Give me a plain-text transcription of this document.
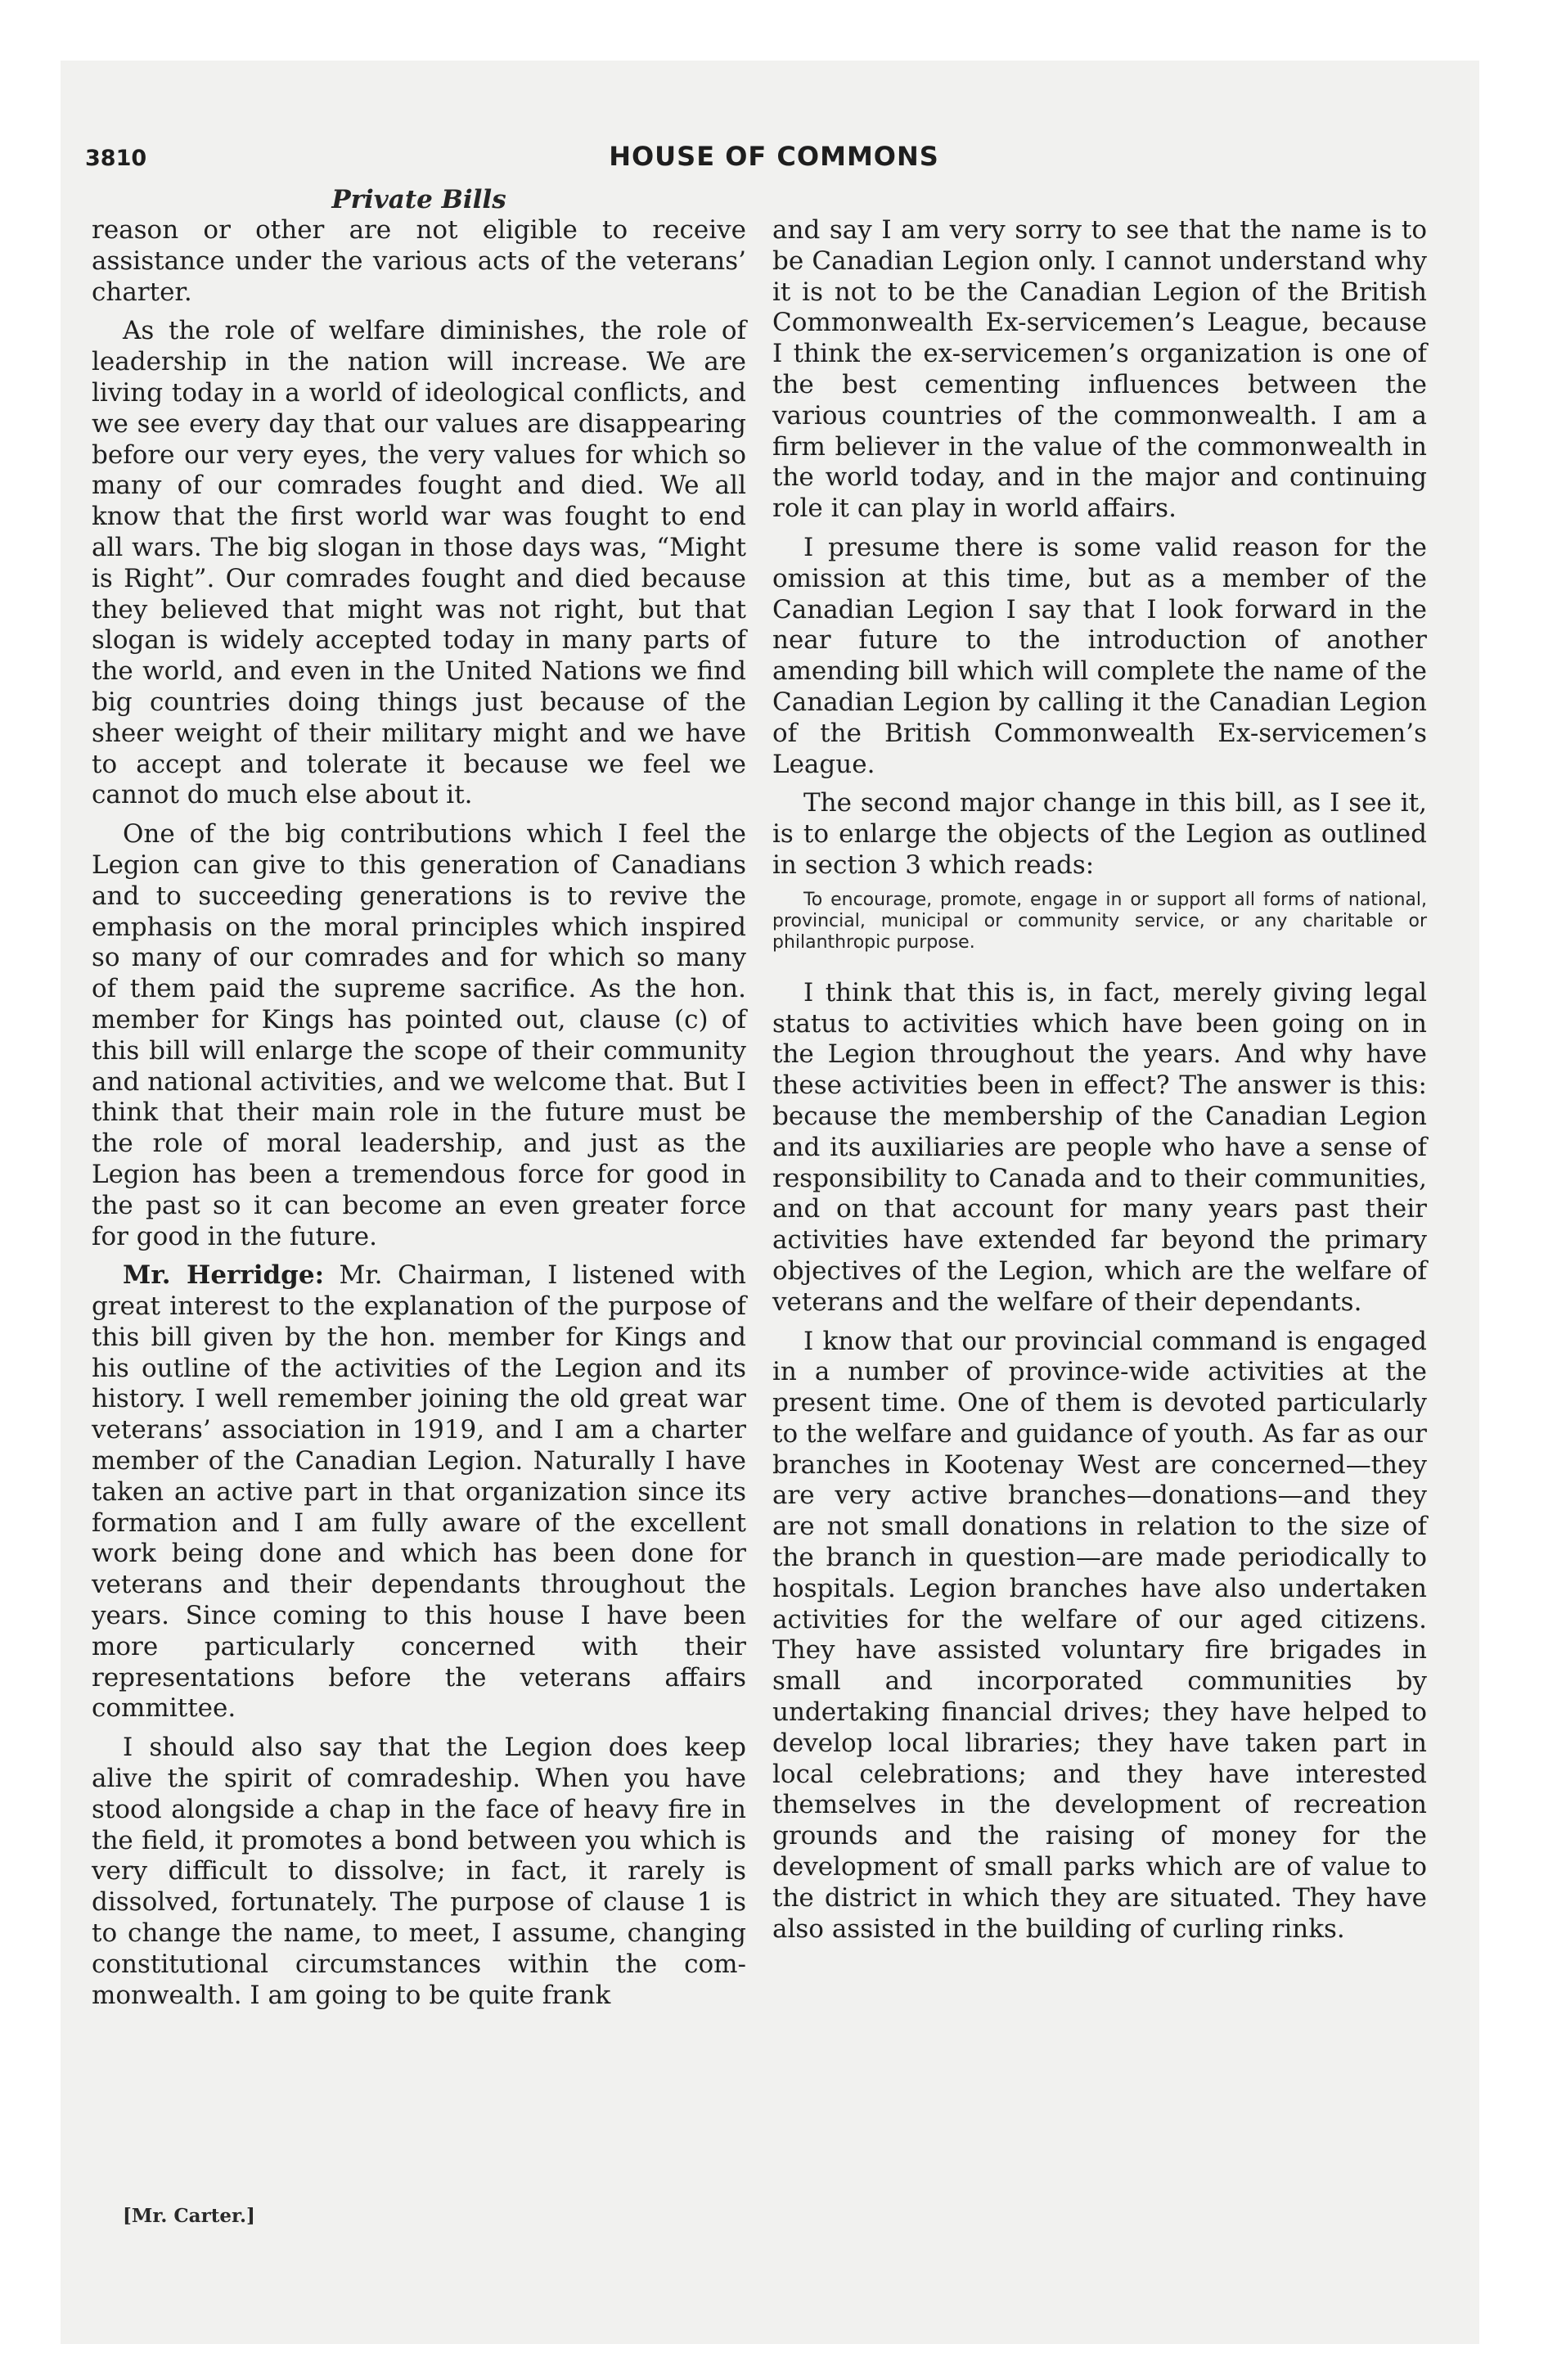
3810	HOUSE OF COMMONS
Private Bills

reason or other are not eligible to receive assistance under the various acts of the veterans’ charter.

As the role of welfare diminishes, the role of leadership in the nation will increase. We are living today in a world of ideological conflicts, and we see every day that our values are disappearing before our very eyes, the very values for which so many of our comrades fought and died. We all know that the first world war was fought to end all wars. The big slogan in those days was, “Might is Right”. Our comrades fought and died because they believed that might was not right, but that slogan is widely accepted today in many parts of the world, and even in the United Nations we find big countries doing things just because of the sheer weight of their military might and we have to accept and tolerate it because we feel we cannot do much else about it.

One of the big contributions which I feel the Legion can give to this generation of Canadians and to succeeding generations is to revive the emphasis on the moral principles which inspired so many of our comrades and for which so many of them paid the supreme sacrifice. As the hon. member for Kings has pointed out, clause (c) of this bill will enlarge the scope of their community and national activities, and we welcome that. But I think that their main role in the future must be the role of moral leadership, and just as the Legion has been a tremendous force for good in the past so it can become an even greater force for good in the future.

Mr. Herridge: Mr. Chairman, I listened with great interest to the explanation of the purpose of this bill given by the hon. member for Kings and his outline of the activities of the Legion and its history. I well remember joining the old great war veterans’ association in 1919, and I am a charter member of the Canadian Legion. Naturally I have taken an active part in that organization since its formation and I am fully aware of the excellent work being done and which has been done for veterans and their dependants throughout the years. Since coming to this house I have been more particularly concerned with their representations before the veterans affairs committee.

I should also say that the Legion does keep alive the spirit of comradeship. When you have stood alongside a chap in the face of heavy fire in the field, it promotes a bond between you which is very difficult to dissolve; in fact, it rarely is dissolved, fortunately. The purpose of clause 1 is to change the name, to meet, I assume, changing constitutional circumstances within the commonwealth. I am going to be quite frank

and say I am very sorry to see that the name is to be Canadian Legion only. I cannot understand why it is not to be the Canadian Legion of the British Commonwealth Ex-servicemen’s League, because I think the ex-servicemen’s organization is one of the best cementing influences between the various countries of the commonwealth. I am a firm believer in the value of the commonwealth in the world today, and in the major and continuing role it can play in world affairs.

I presume there is some valid reason for the omission at this time, but as a member of the Canadian Legion I say that I look forward in the near future to the introduction of another amending bill which will complete the name of the Canadian Legion by calling it the Canadian Legion of the British Commonwealth Ex-servicemen’s League.

The second major change in this bill, as I see it, is to enlarge the objects of the Legion as outlined in section 3 which reads:

To encourage, promote, engage in or support all forms of national, provincial, municipal or community service, or any charitable or philanthropic purpose.

I think that this is, in fact, merely giving legal status to activities which have been going on in the Legion throughout the years. And why have these activities been in effect? The answer is this: because the membership of the Canadian Legion and its auxiliaries are people who have a sense of responsibility to Canada and to their communities, and on that account for many years past their activities have extended far beyond the primary objectives of the Legion, which are the welfare of veterans and the welfare of their dependants.

I know that our provincial command is engaged in a number of province-wide activities at the present time. One of them is devoted particularly to the welfare and guidance of youth. As far as our branches in Kootenay West are concerned—they are very active branches—donations—and they are not small donations in relation to the size of the branch in question—are made periodically to hospitals. Legion branches have also undertaken activities for the welfare of our aged citizens. They have assisted voluntary fire brigades in small and incorporated communities by undertaking financial drives; they have helped to develop local libraries; they have taken part in local celebrations; and they have interested themselves in the development of recreation grounds and the raising of money for the development of small parks which are of value to the district in which they are situated. They have also assisted in the building of curling rinks.

[Mr. Carter.]
